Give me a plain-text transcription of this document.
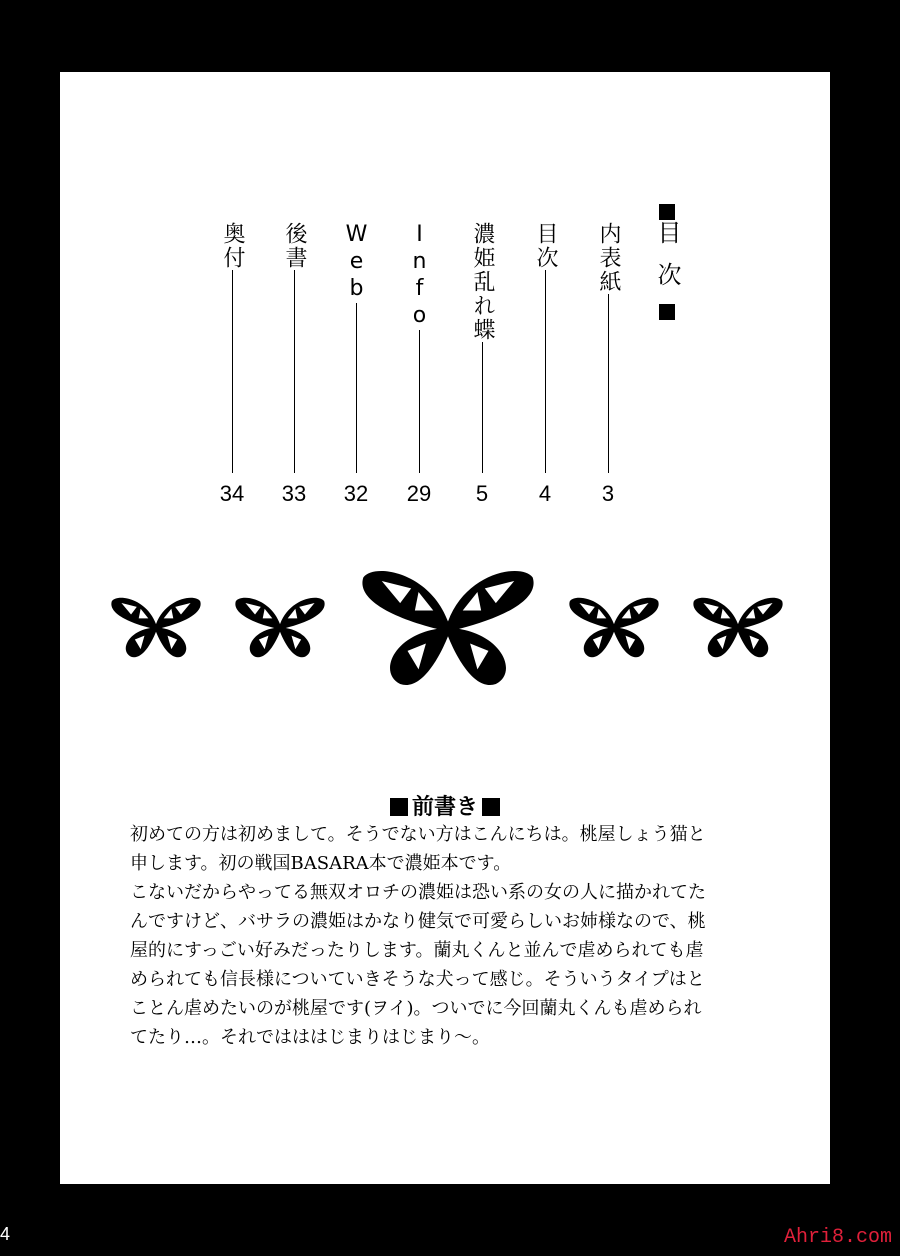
目次
内表紙
3
目次
4
濃姫乱れ蝶
5
Info
29
Web
32
後書
33
奥付
34
前書き

初めての方は初めまして。そうでない方はこんにちは。桃屋しょう猫と

申します。初の戦国BASARA本で濃姫本です。

こないだからやってる無双オロチの濃姫は恐い系の女の人に描かれてた

んですけど、バサラの濃姫はかなり健気で可愛らしいお姉様なので、桃

屋的にすっごい好みだったりします。蘭丸くんと並んで虐められても虐

められても信長様についていきそうな犬って感じ。そういうタイプはと

ことん虐めたいのが桃屋です(ヲイ)。ついでに今回蘭丸くんも虐められ

てたり…。それではははじまりはじまり〜。

4	Ahri8.com
